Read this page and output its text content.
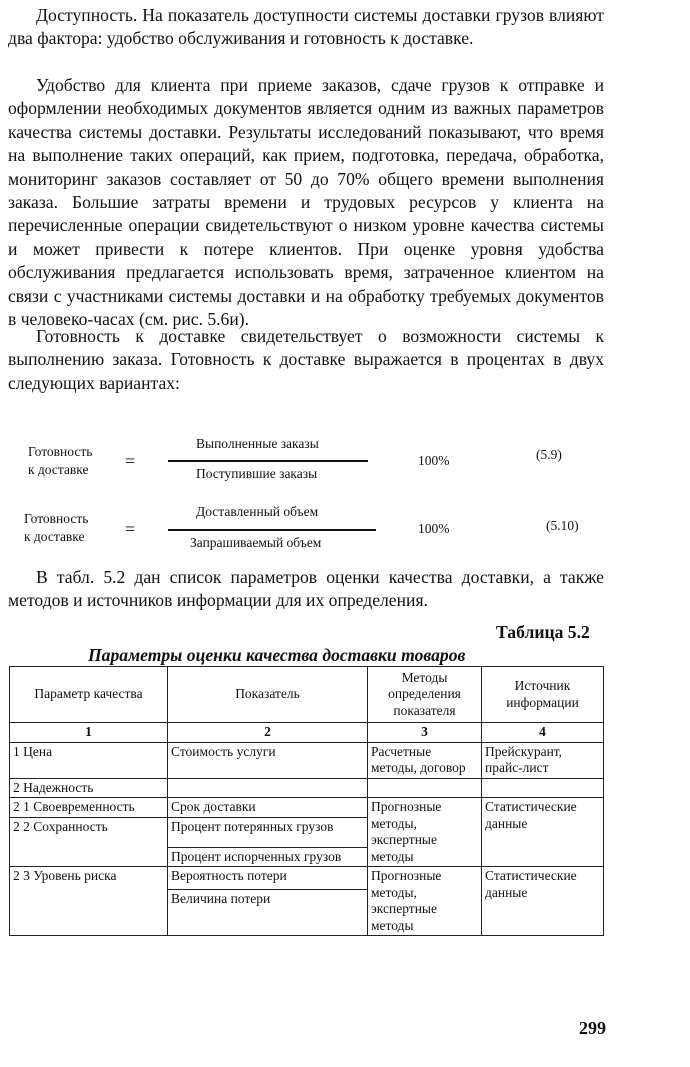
Доступность. На показатель доступности системы доставки грузов влияют два фактора: удобство обслуживания и готовность к доставке.

Удобство для клиента при приеме заказов, сдаче грузов к отправке и оформлении необходимых документов является одним из важных параметров качества системы доставки. Результаты исследований показывают, что время на выполнение таких операций, как прием, подготовка, передача, обработка, мониторинг заказов составляет от 50 до 70% общего времени выполнения заказа. Большие затраты времени и трудовых ресурсов у клиента на перечисленные операции свидетельствуют о низком уровне качества системы и может привести к потере клиентов. При оценке уровня удобства обслуживания предлагается использовать время, затраченное клиентом на связи с участниками системы доставки и на обработку требуемых документов в человеко-часах (см. рис. 5.6и).

Готовность к доставке свидетельствует о возможности системы к выполнению заказа. Готовность к доставке выражается в процентах в двух следующих вариантах:

Готовность
к доставке =
Выполненные заказы
Поступившие заказы
100%	(5.9)
Готовность
к доставке =
Доставленный объем
Запрашиваемый объем
100%	(5.10)

В табл. 5.2 дан список параметров оценки качества доставки, а также методов и источников информации для их определения.

Таблица 5.2
Параметры оценки качества доставки товаров
Параметр качества	Показатель	Методы определения показателя	Источник информации
1	2	3	4
1 Цена	Стоимость услуги	Расчетные методы, договор	Прейскурант, прайс-лист
2 Надежность			
2 1 Своевременность	Срок доставки	Прогнозные методы, экспертные методы	Статистические данные
2 2 Сохранность	Процент потерянных грузов		
	Процент испорченных грузов		
2 3 Уровень риска	Вероятность потери	Прогнозные методы, экспертные методы	Статистические данные
	Величина потери		
299
